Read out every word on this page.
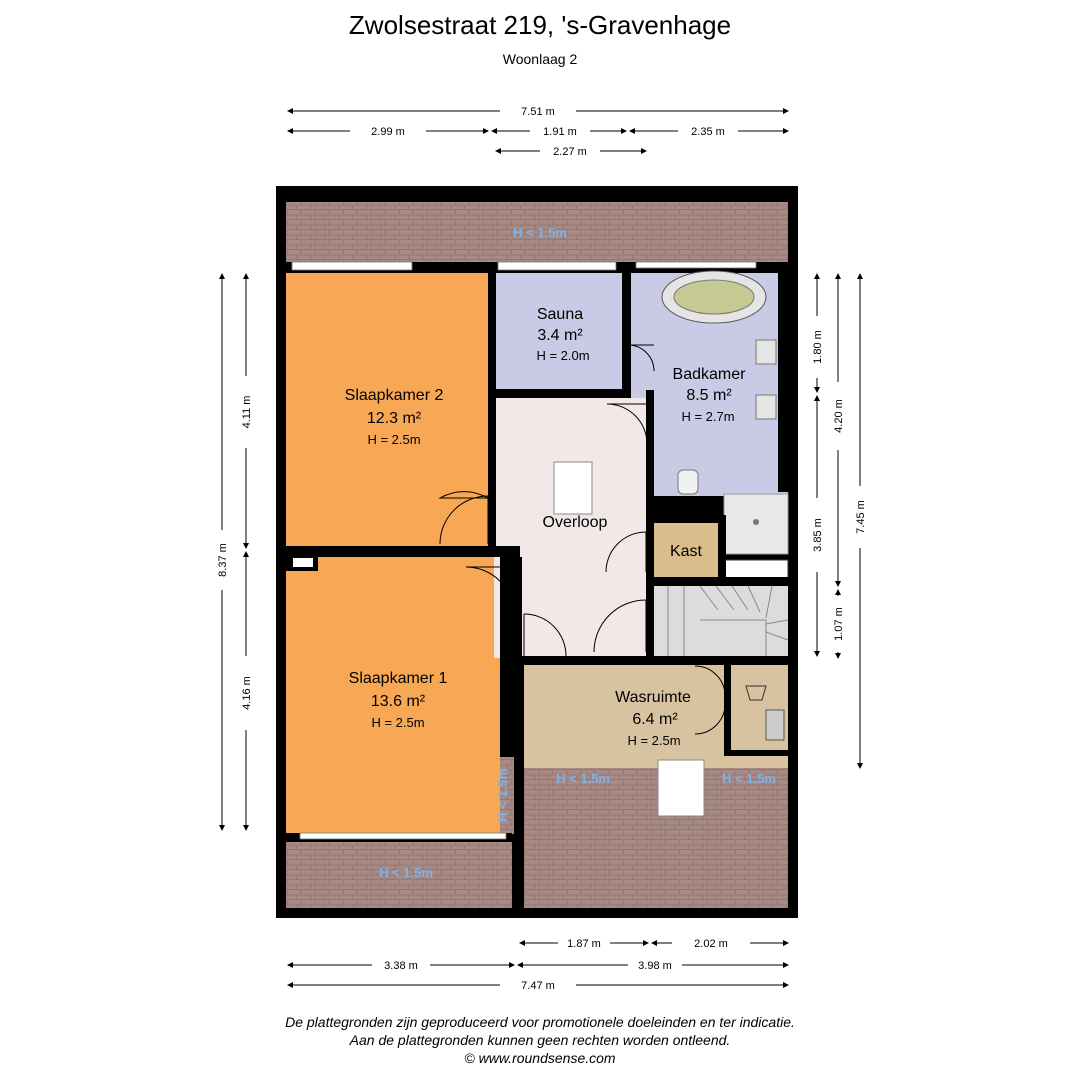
Zwolsestraat 219, 's-Gravenhage
Woonlaag 2
Slaapkamer 2
12.3 m²
H = 2.5m
Slaapkamer 1
13.6 m²
H = 2.5m
Sauna
3.4 m²
H = 2.0m
Badkamer
8.5 m²
H = 2.7m
Overloop
Kast
Wasruimte
6.4 m²
H = 2.5m
H < 1.5m
H < 1.5m
H < 1.5m	H < 1.5m	H < 1.5m
7.51 m
2.99 m	1.91 m	2.35 m
2.27 m
8.37 m
4.11 m
4.16 m
1.80 m
3.85 m
4.20 m
1.07 m
7.45 m
1.87 m	2.02 m
3.38 m	3.98 m
7.47 m
De plattegronden zijn geproduceerd voor promotionele doeleinden en ter indicatie.
Aan de plattegronden kunnen geen rechten worden ontleend.
© www.roundsense.com
